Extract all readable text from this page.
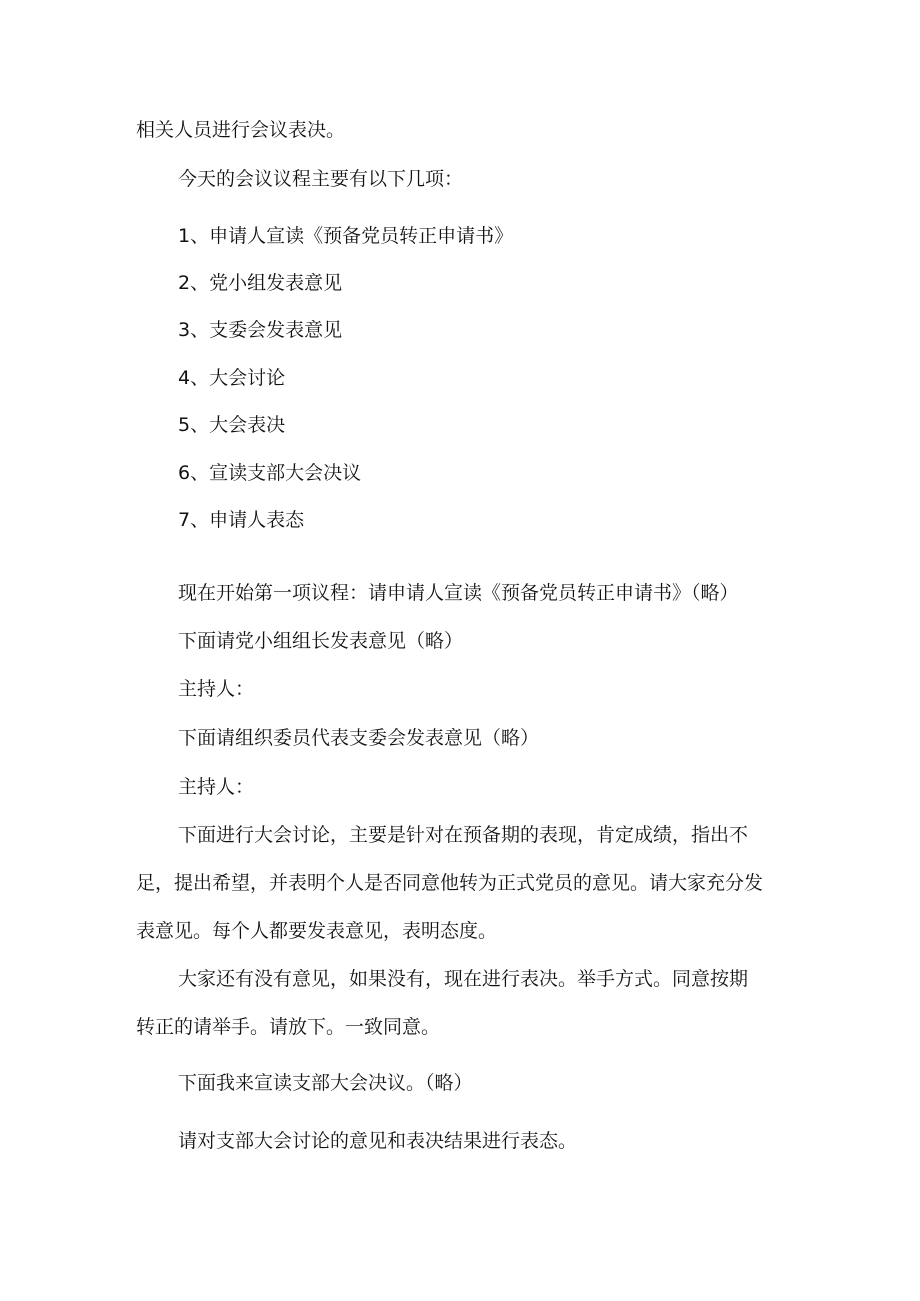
相关人员进行会议表决。

今天的会议议程主要有以下几项：

1、申请人宣读《预备党员转正申请书》

2、党小组发表意见

3、支委会发表意见

4、大会讨论

5、大会表决

6、宣读支部大会决议

7、申请人表态

现在开始第一项议程：请申请人宣读《预备党员转正申请书》（略）

下面请党小组组长发表意见（略）

主持人：

下面请组织委员代表支委会发表意见（略）

主持人：

下面进行大会讨论，主要是针对在预备期的表现，肯定成绩，指出不

足，提出希望，并表明个人是否同意他转为正式党员的意见。请大家充分发

表意见。每个人都要发表意见，表明态度。

大家还有没有意见，如果没有，现在进行表决。举手方式。同意按期

转正的请举手。请放下。一致同意。

下面我来宣读支部大会决议。（略）

请对支部大会讨论的意见和表决结果进行表态。
